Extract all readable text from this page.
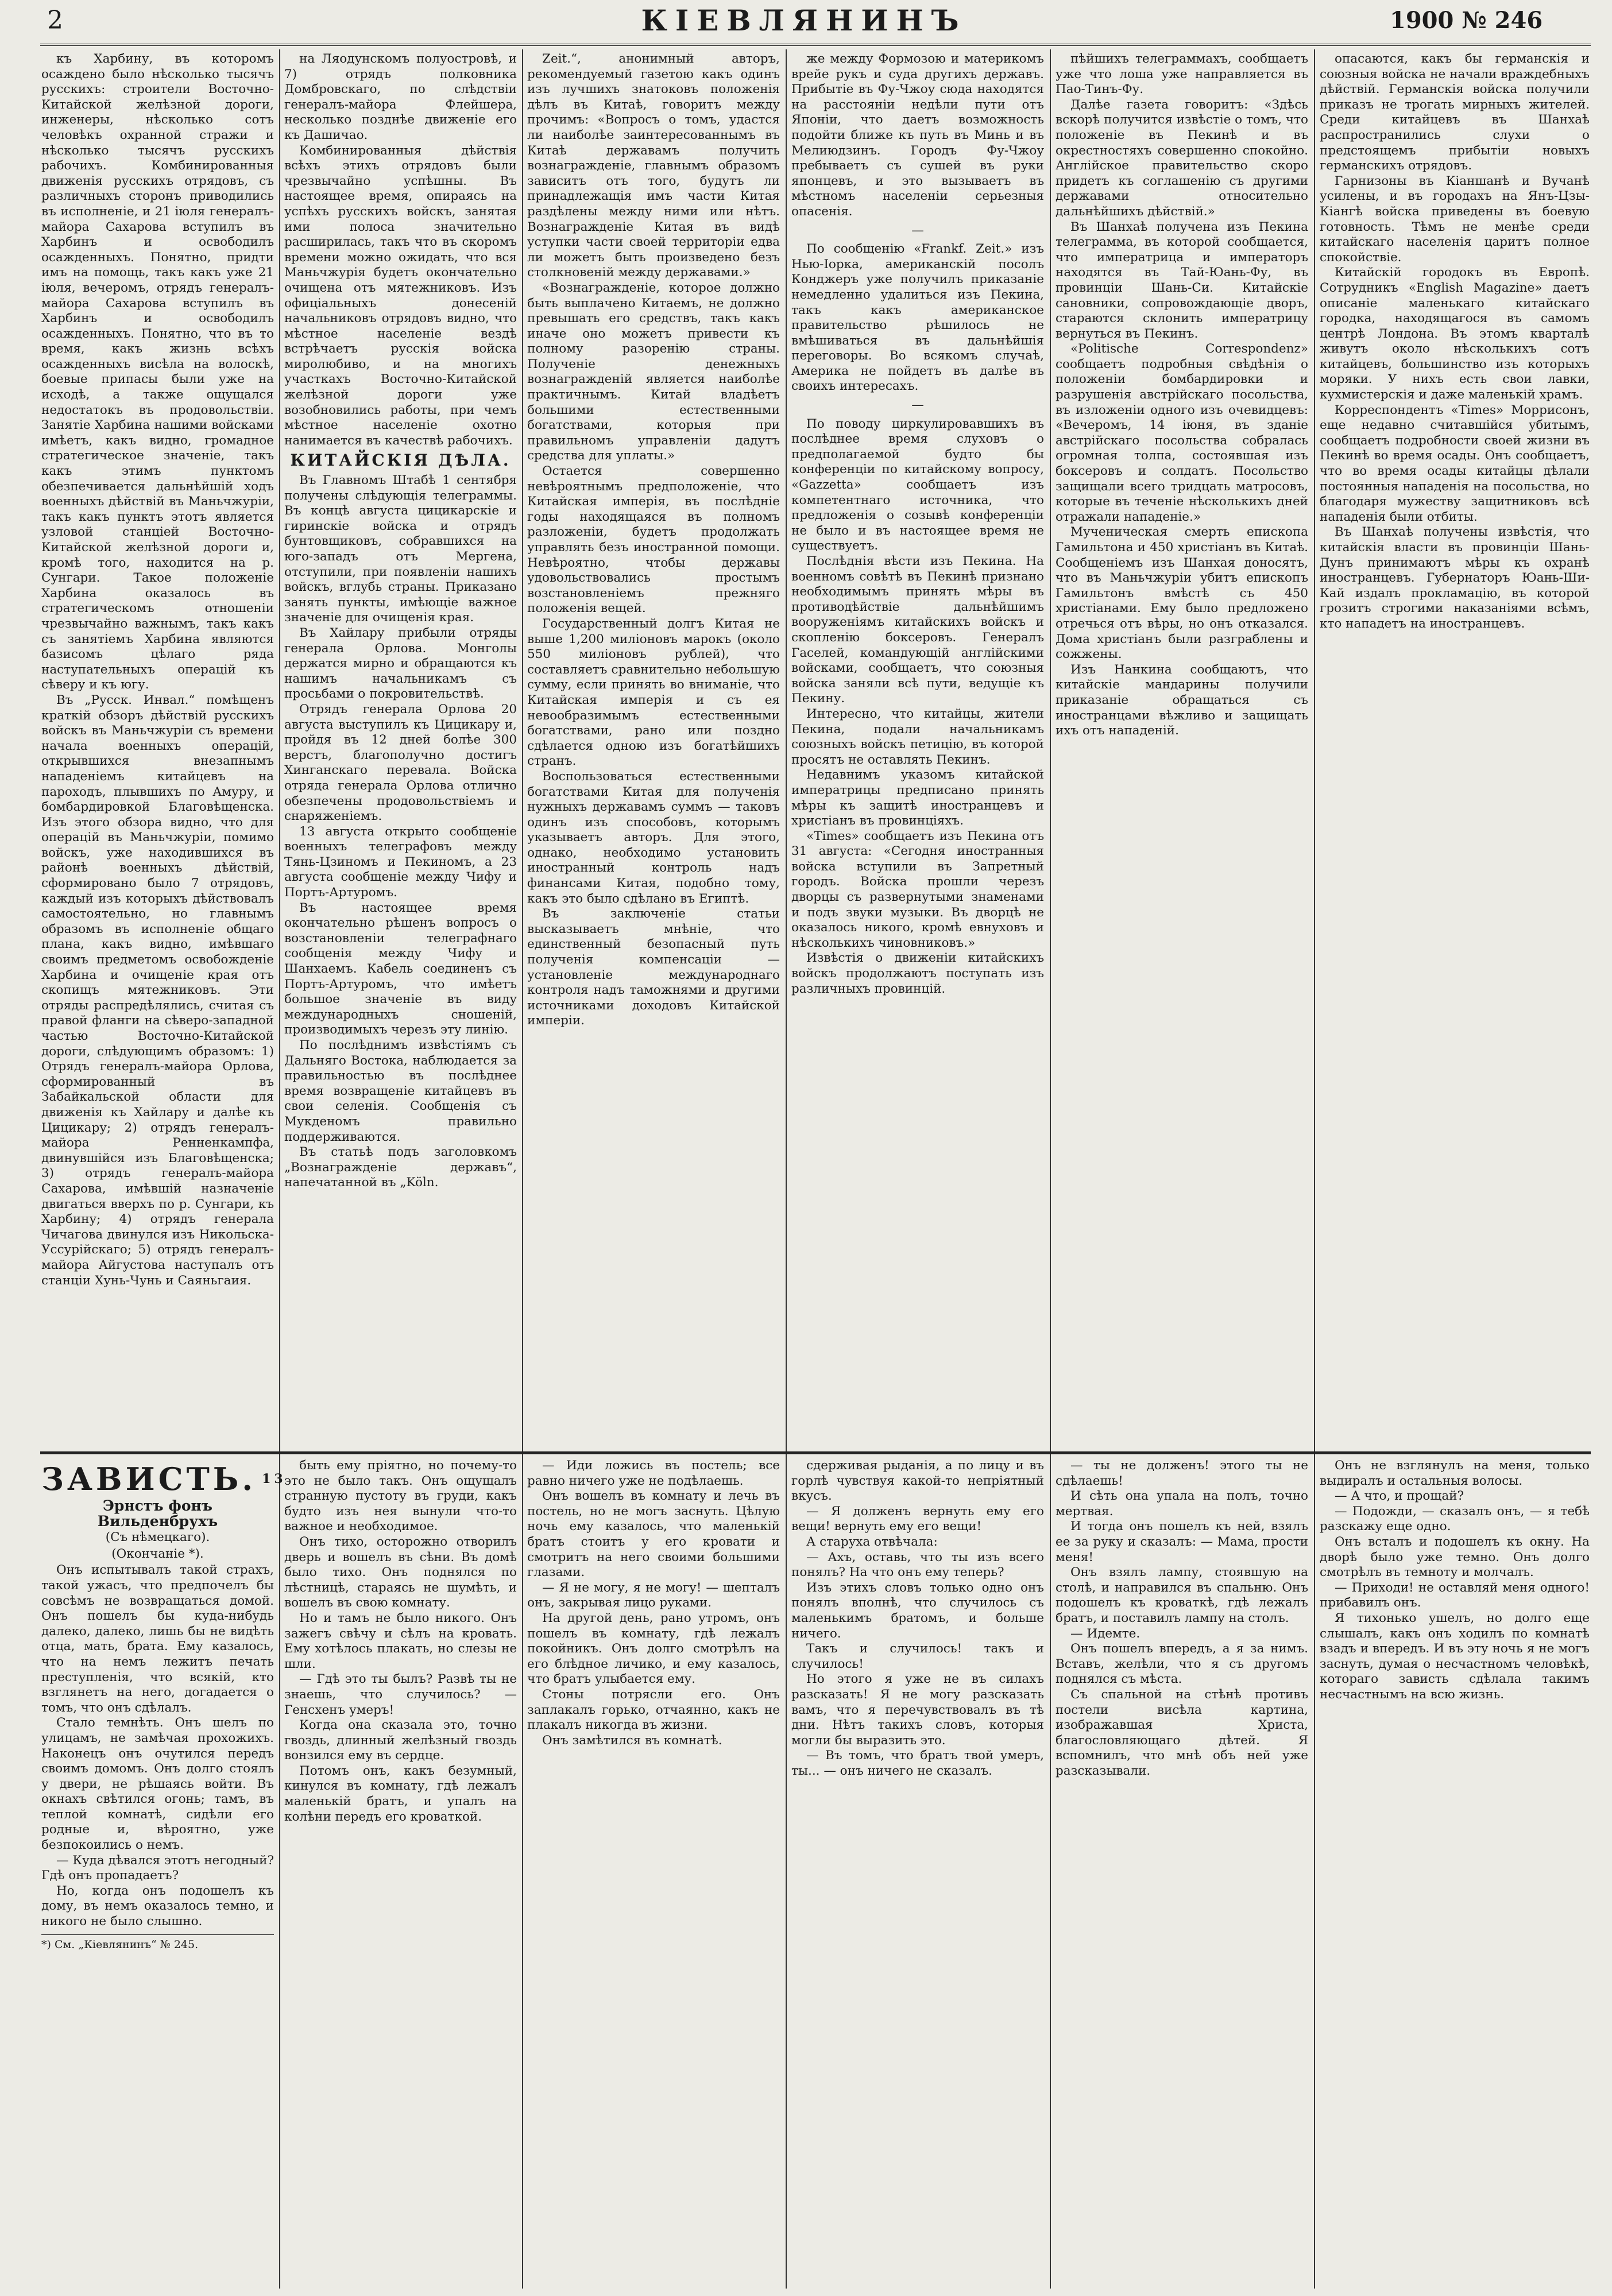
2	КІЕВЛЯНИНЪ	1900 № 246

къ Харбину, въ которомъ осаждено было нѣсколько тысячъ русскихъ: строители Восточно-Китайской желѣзной дороги, инженеры, нѣсколько сотъ человѣкъ охранной стражи и нѣсколько тысячъ русскихъ рабочихъ. Комбинированныя движенія русскихъ отрядовъ, съ различныхъ сторонъ приводились въ исполненіе, и 21 іюля генералъ-майора Сахарова вступилъ въ Харбинъ и освободилъ осажденныхъ. Понятно, придти имъ на помощь, такъ какъ уже 21 іюля, вечеромъ, отрядъ генералъ-майора Сахарова вступилъ въ Харбинъ и освободилъ осажденныхъ. Понятно, что въ то время, какъ жизнь всѣхъ осажденныхъ висѣла на волоскѣ, боевые припасы были уже на исходѣ, а также ощущался недостатокъ въ продовольствіи. Занятіе Харбина нашими войсками имѣетъ, какъ видно, громадное стратегическое значеніе, такъ какъ этимъ пунктомъ обезпечивается дальнѣйшій ходъ военныхъ дѣйствій въ Маньчжуріи, такъ какъ пунктъ этотъ является узловой станціей Восточно-Китайской желѣзной дороги и, кромѣ того, находится на р. Сунгари. Такое положеніе Харбина оказалось въ стратегическомъ отношеніи чрезвычайно важнымъ, такъ какъ съ занятіемъ Харбина являются базисомъ цѣлаго ряда наступательныхъ операцій къ сѣверу и къ югу.

Въ „Русск. Инвал.“ помѣщенъ краткій обзоръ дѣйствій русскихъ войскъ въ Маньчжуріи съ времени начала военныхъ операцій, открывшихся внезапнымъ нападеніемъ китайцевъ на пароходъ, плывшихъ по Амуру, и бомбардировкой Благовѣщенска. Изъ этого обзора видно, что для операцій въ Маньчжуріи, помимо войскъ, уже находившихся въ районѣ военныхъ дѣйствій, сформировано было 7 отрядовъ, каждый изъ которыхъ дѣйствовалъ самостоятельно, но главнымъ образомъ въ исполненіе общаго плана, какъ видно, имѣвшаго своимъ предметомъ освобожденіе Харбина и очищеніе края отъ скопищъ мятежниковъ. Эти отряды распредѣлялись, считая съ правой фланги на сѣверо-западной частью Восточно-Китайской дороги, слѣдующимъ образомъ: 1) Отрядъ генералъ-майора Орлова, сформированный въ Забайкальской области для движенія къ Хайлару и далѣе къ Цицикару; 2) отрядъ генералъ-майора Ренненкампфа, двинувшійся изъ Благовѣщенска; 3) отрядъ генералъ-майора Сахарова, имѣвшій назначеніе двигаться вверхъ по р. Сунгари, къ Харбину; 4) отрядъ генерала Чичагова двинулся изъ Никольска-Уссурійскаго; 5) отрядъ генералъ-майора Айгустова наступалъ отъ станціи Хунь-Чунь и Саяньгаия.

на Ляодунскомъ полуостровѣ, и 7) отрядъ полковника Домбровскаго, по слѣдствіи генералъ-майора Флейшера, несколько позднѣе движеніе его къ Дашичао.

Комбинированныя дѣйствія всѣхъ этихъ отрядовъ были чрезвычайно успѣшны. Въ настоящее время, опираясь на успѣхъ русскихъ войскъ, занятая ими полоса значительно расширилась, такъ что въ скоромъ времени можно ожидать, что вся Маньчжурія будетъ окончательно очищена отъ мятежниковъ. Изъ офиціальныхъ донесеній начальниковъ отрядовъ видно, что мѣстное населеніе вездѣ встрѣчаетъ русскія войска миролюбиво, и на многихъ участкахъ Восточно-Китайской желѣзной дороги уже возобновились работы, при чемъ мѣстное населеніе охотно нанимается въ качествѣ рабочихъ.

КИТАЙСКІЯ ДѢЛА.

Въ Главномъ Штабѣ 1 сентября получены слѣдующія телеграммы. Въ концѣ августа цицикарскіе и гиринскіе войска и отрядъ бунтовщиковъ, собравшихся на юго-западъ отъ Мергена, отступили, при появленіи нашихъ войскъ, вглубь страны. Приказано занять пункты, имѣющіе важное значеніе для очищенія края.

Въ Хайлару прибыли отряды генерала Орлова. Монголы держатся мирно и обращаются къ нашимъ начальникамъ съ просьбами о покровительствѣ.

Отрядъ генерала Орлова 20 августа выступилъ къ Цицикару и, пройдя въ 12 дней болѣе 300 верстъ, благополучно достигъ Хинганскаго перевала. Войска отряда генерала Орлова отлично обезпечены продовольствіемъ и снаряженіемъ.

13 августа открыто сообщеніе военныхъ телеграфовъ между Тянь-Цзиномъ и Пекиномъ, а 23 августа сообщеніе между Чифу и Портъ-Артуромъ.

Въ настоящее время окончательно рѣшенъ вопросъ о возстановленіи телеграфнаго сообщенія между Чифу и Шанхаемъ. Кабель соединенъ съ Портъ-Артуромъ, что имѣетъ большое значеніе въ виду международныхъ сношеній, производимыхъ черезъ эту линію.

По послѣднимъ извѣстіямъ съ Дальняго Востока, наблюдается за правильностью въ послѣднее время возвращеніе китайцевъ въ свои селенія. Сообщенія съ Мукденомъ правильно поддерживаются.

Въ статьѣ подъ заголовкомъ „Вознагражденіе державъ“, напечатанной въ „Köln.

Zeit.“, анонимный авторъ, рекомендуемый газетою какъ одинъ изъ лучшихъ знатоковъ положенія дѣлъ въ Китаѣ, говоритъ между прочимъ: «Вопросъ о томъ, удастся ли наиболѣе заинтересованнымъ въ Китаѣ державамъ получить вознагражденіе, главнымъ образомъ зависитъ отъ того, будутъ ли принадлежащія имъ части Китая раздѣлены между ними или нѣтъ. Вознагражденіе Китая въ видѣ уступки части своей территоріи едва ли можетъ быть произведено безъ столкновеній между державами.»

«Вознагражденіе, которое должно быть выплачено Китаемъ, не должно превышать его средствъ, такъ какъ иначе оно можетъ привести къ полному разоренію страны. Полученіе денежныхъ вознагражденій является наиболѣе практичнымъ. Китай владѣетъ большими естественными богатствами, которыя при правильномъ управленіи дадутъ средства для уплаты.»

Остается совершенно невѣроятнымъ предположеніе, что Китайская имперія, въ послѣдніе годы находящаяся въ полномъ разложеніи, будетъ продолжать управлять безъ иностранной помощи. Невѣроятно, чтобы державы удовольствовались простымъ возстановленіемъ прежняго положенія вещей.

Государственный долгъ Китая не выше 1,200 миліоновъ марокъ (около 550 миліоновъ рублей), что составляетъ сравнительно небольшую сумму, если принять во вниманіе, что Китайская имперія и съ ея невообразимымъ естественными богатствами, рано или поздно сдѣлается одною изъ богатѣйшихъ странъ.

Воспользоваться естественными богатствами Китая для полученія нужныхъ державамъ суммъ — таковъ одинъ изъ способовъ, которымъ указываетъ авторъ. Для этого, однако, необходимо установить иностранный контроль надъ финансами Китая, подобно тому, какъ это было сдѣлано въ Египтѣ.

Въ заключеніе статьи высказываетъ мнѣніе, что единственный безопасный путь полученія компенсаціи — установленіе международнаго контроля надъ таможнями и другими источниками доходовъ Китайской имперіи.

же между Формозою и материкомъ врейе рукъ и суда другихъ державъ. Прибытіе въ Фу-Чжоу сюда находятся на расстояніи недѣли пути отъ Японіи, что даетъ возможность подойти ближе къ путь въ Минь и въ Мелиюдзинъ. Городъ Фу-Чжоу пребываетъ съ сушей въ руки японцевъ, и это вызываетъ въ мѣстномъ населеніи серьезныя опасенія.

—

По сообщенію «Frankf. Zeit.» изъ Нью-Іорка, американскій посолъ Конджеръ уже получилъ приказаніе немедленно удалиться изъ Пекина, такъ какъ американское правительство рѣшилось не вмѣшиваться въ дальнѣйшія переговоры. Во всякомъ случаѣ, Америка не пойдетъ въ далѣе въ своихъ интересахъ.

—

По поводу циркулировавшихъ въ послѣднее время слуховъ о предполагаемой будто бы конференціи по китайскому вопросу, «Gazzetta» сообщаетъ изъ компетентнаго источника, что предложенія о созывѣ конференціи не было и въ настоящее время не существуетъ.

Послѣднія вѣсти изъ Пекина. На военномъ совѣтѣ въ Пекинѣ признано необходимымъ принять мѣры въ противодѣйствіе дальнѣйшимъ вооруженіямъ китайскихъ войскъ и скопленію боксеровъ. Генералъ Гаселей, командующій англійскими войсками, сообщаетъ, что союзныя войска заняли всѣ пути, ведущіе къ Пекину.

Интересно, что китайцы, жители Пекина, подали начальникамъ союзныхъ войскъ петицію, въ которой просятъ не оставлять Пекинъ.

Недавнимъ указомъ китайской императрицы предписано принять мѣры къ защитѣ иностранцевъ и христіанъ въ провинціяхъ.

«Times» сообщаетъ изъ Пекина отъ 31 августа: «Сегодня иностранныя войска вступили въ Запретный городъ. Войска прошли черезъ дворцы съ развернутыми знаменами и подъ звуки музыки. Въ дворцѣ не оказалось никого, кромѣ евнуховъ и нѣсколькихъ чиновниковъ.»

Извѣстія о движеніи китайскихъ войскъ продолжаютъ поступать изъ различныхъ провинцій.

пѣйшихъ телеграммахъ, сообщаетъ уже что лоша уже направляется въ Пао-Тинъ-Фу.

Далѣе газета говоритъ: «Здѣсь вскорѣ получится извѣстіе о томъ, что положеніе въ Пекинѣ и въ окрестностяхъ совершенно спокойно. Англійское правительство скоро придетъ къ соглашенію съ другими державами относительно дальнѣйшихъ дѣйствій.»

Въ Шанхаѣ получена изъ Пекина телеграмма, въ которой сообщается, что императрица и императоръ находятся въ Тай-Юань-Фу, въ провинціи Шань-Си. Китайскіе сановники, сопровождающіе дворъ, стараются склонить императрицу вернуться въ Пекинъ.

«Politische Correspondenz» сообщаетъ подробныя свѣдѣнія о положеніи бомбардировки и разрушенія австрійскаго посольства, въ изложеніи одного изъ очевидцевъ: «Вечеромъ, 14 іюня, въ зданіе австрійскаго посольства собралась огромная толпа, состоявшая изъ боксеровъ и солдатъ. Посольство защищали всего тридцать матросовъ, которые въ теченіе нѣсколькихъ дней отражали нападеніе.»

Мученическая смерть епископа Гамильтона и 450 христіанъ въ Китаѣ. Сообщеніемъ изъ Шанхая доносятъ, что въ Маньчжуріи убитъ епископъ Гамильтонъ вмѣстѣ съ 450 христіанами. Ему было предложено отречься отъ вѣры, но онъ отказался. Дома христіанъ были разграблены и сожжены.

Изъ Нанкина сообщаютъ, что китайскіе мандарины получили приказаніе обращаться съ иностранцами вѣжливо и защищать ихъ отъ нападеній.

опасаются, какъ бы германскія и союзныя войска не начали враждебныхъ дѣйствій. Германскія войска получили приказъ не трогать мирныхъ жителей. Среди китайцевъ въ Шанхаѣ распространились слухи о предстоящемъ прибытіи новыхъ германскихъ отрядовъ.

Гарнизоны въ Кіаншанѣ и Вучанѣ усилены, и въ городахъ на Янъ-Цзы-Кіангѣ войска приведены въ боевую готовность. Тѣмъ не менѣе среди китайскаго населенія царитъ полное спокойствіе.

Китайскій городокъ въ Европѣ. Сотрудникъ «English Magazine» даетъ описаніе маленькаго китайскаго городка, находящагося въ самомъ центрѣ Лондона. Въ этомъ кварталѣ живутъ около нѣсколькихъ сотъ китайцевъ, большинство изъ которыхъ моряки. У нихъ есть свои лавки, кухмистерскія и даже маленькій храмъ.

Корреспондентъ «Times» Моррисонъ, еще недавно считавшійся убитымъ, сообщаетъ подробности своей жизни въ Пекинѣ во время осады. Онъ сообщаетъ, что во время осады китайцы дѣлали постоянныя нападенія на посольства, но благодаря мужеству защитниковъ всѣ нападенія были отбиты.

Въ Шанхаѣ получены извѣстія, что китайскія власти въ провинціи Шань-Дунъ принимаютъ мѣры къ охранѣ иностранцевъ. Губернаторъ Юань-Ши-Кай издалъ прокламацію, въ которой грозитъ строгими наказаніями всѣмъ, кто нападетъ на иностранцевъ.

ЗАВИСТЬ. $^{13}$

Эрнстъ фонъ Вильденбрухъ

(Съ нѣмецкаго).

(Окончаніе *).

Онъ испытывалъ такой страхъ, такой ужасъ, что предпочелъ бы совсѣмъ не возвращаться домой. Онъ пошелъ бы куда-нибудь далеко, далеко, лишь бы не видѣть отца, мать, брата. Ему казалось, что на немъ лежитъ печать преступленія, что всякій, кто взглянетъ на него, догадается о томъ, что онъ сдѣлалъ.

Стало темнѣть. Онъ шелъ по улицамъ, не замѣчая прохожихъ. Наконецъ онъ очутился передъ своимъ домомъ. Онъ долго стоялъ у двери, не рѣшаясь войти. Въ окнахъ свѣтился огонь; тамъ, въ теплой комнатѣ, сидѣли его родные и, вѣроятно, уже безпокоились о немъ.

— Куда дѣвался этотъ негодный? Гдѣ онъ пропадаетъ?

Но, когда онъ подошелъ къ дому, въ немъ оказалось темно, и никого не было слышно.

*) См. „Кіевлянинъ“ № 245.

быть ему пріятно, но почему-то это не было такъ. Онъ ощущалъ странную пустоту въ груди, какъ будто изъ нея вынули что-то важное и необходимое.

Онъ тихо, осторожно отворилъ дверь и вошелъ въ сѣни. Въ домѣ было тихо. Онъ поднялся по лѣстницѣ, стараясь не шумѣть, и вошелъ въ свою комнату.

Но и тамъ не было никого. Онъ зажегъ свѣчу и сѣлъ на кровать. Ему хотѣлось плакать, но слезы не шли.

— Гдѣ это ты былъ? Развѣ ты не знаешь, что случилось? — Генсхенъ умеръ!

Когда она сказала это, точно гвоздь, длинный желѣзный гвоздь вонзился ему въ сердце.

Потомъ онъ, какъ безумный, кинулся въ комнату, гдѣ лежалъ маленькій братъ, и упалъ на колѣни передъ его кроваткой.

— Иди ложись въ постель; все равно ничего уже не подѣлаешь.

Онъ вошелъ въ комнату и лечь въ постель, но не могъ заснуть. Цѣлую ночь ему казалось, что маленькій братъ стоитъ у его кровати и смотритъ на него своими большими глазами.

— Я не могу, я не могу! — шепталъ онъ, закрывая лицо руками.

На другой день, рано утромъ, онъ пошелъ въ комнату, гдѣ лежалъ покойникъ. Онъ долго смотрѣлъ на его блѣдное личико, и ему казалось, что братъ улыбается ему.

Стоны потрясли его. Онъ заплакалъ горько, отчаянно, какъ не плакалъ никогда въ жизни.

Онъ замѣтился въ комнатѣ.

сдерживая рыданія, а по лицу и въ горлѣ чувствуя какой-то непріятный вкусъ.

— Я долженъ вернуть ему его вещи! вернуть ему его вещи!

А старуха отвѣчала:

— Ахъ, оставь, что ты изъ всего понялъ? На что онъ ему теперь?

Изъ этихъ словъ только одно онъ понялъ вполнѣ, что случилось съ маленькимъ братомъ, и больше ничего.

Такъ и случилось! такъ и случилось!

Но этого я уже не въ силахъ разсказать! Я не могу разсказать вамъ, что я перечувствовалъ въ тѣ дни. Нѣтъ такихъ словъ, которыя могли бы выразить это.

— Въ томъ, что братъ твой умеръ, ты... — онъ ничего не сказалъ.

— ты не долженъ! этого ты не сдѣлаешь!

И сѣть она упала на полъ, точно мертвая.

И тогда онъ пошелъ къ ней, взялъ ее за руку и сказалъ: — Мама, прости меня!

Онъ взялъ лампу, стоявшую на столѣ, и направился въ спальню. Онъ подошелъ къ кроваткѣ, гдѣ лежалъ братъ, и поставилъ лампу на столъ.

— Идемте.

Онъ пошелъ впередъ, а я за нимъ. Вставъ, желѣли, что я съ другомъ поднялся съ мѣста.

Съ спальной на стѣнѣ противъ постели висѣла картина, изображавшая Христа, благословляющаго дѣтей. Я вспомнилъ, что мнѣ объ ней уже разсказывали.

Онъ не взглянулъ на меня, только выдиралъ и остальныя волосы.

— А что, и прощай?

— Подожди, — сказалъ онъ, — я тебѣ разскажу еще одно.

Онъ всталъ и подошелъ къ окну. На дворѣ было уже темно. Онъ долго смотрѣлъ въ темноту и молчалъ.

— Приходи! не оставляй меня одного! прибавилъ онъ.

Я тихонько ушелъ, но долго еще слышалъ, какъ онъ ходилъ по комнатѣ взадъ и впередъ. И въ эту ночь я не могъ заснуть, думая о несчастномъ человѣкѣ, котораго зависть сдѣлала такимъ несчастнымъ на всю жизнь.
